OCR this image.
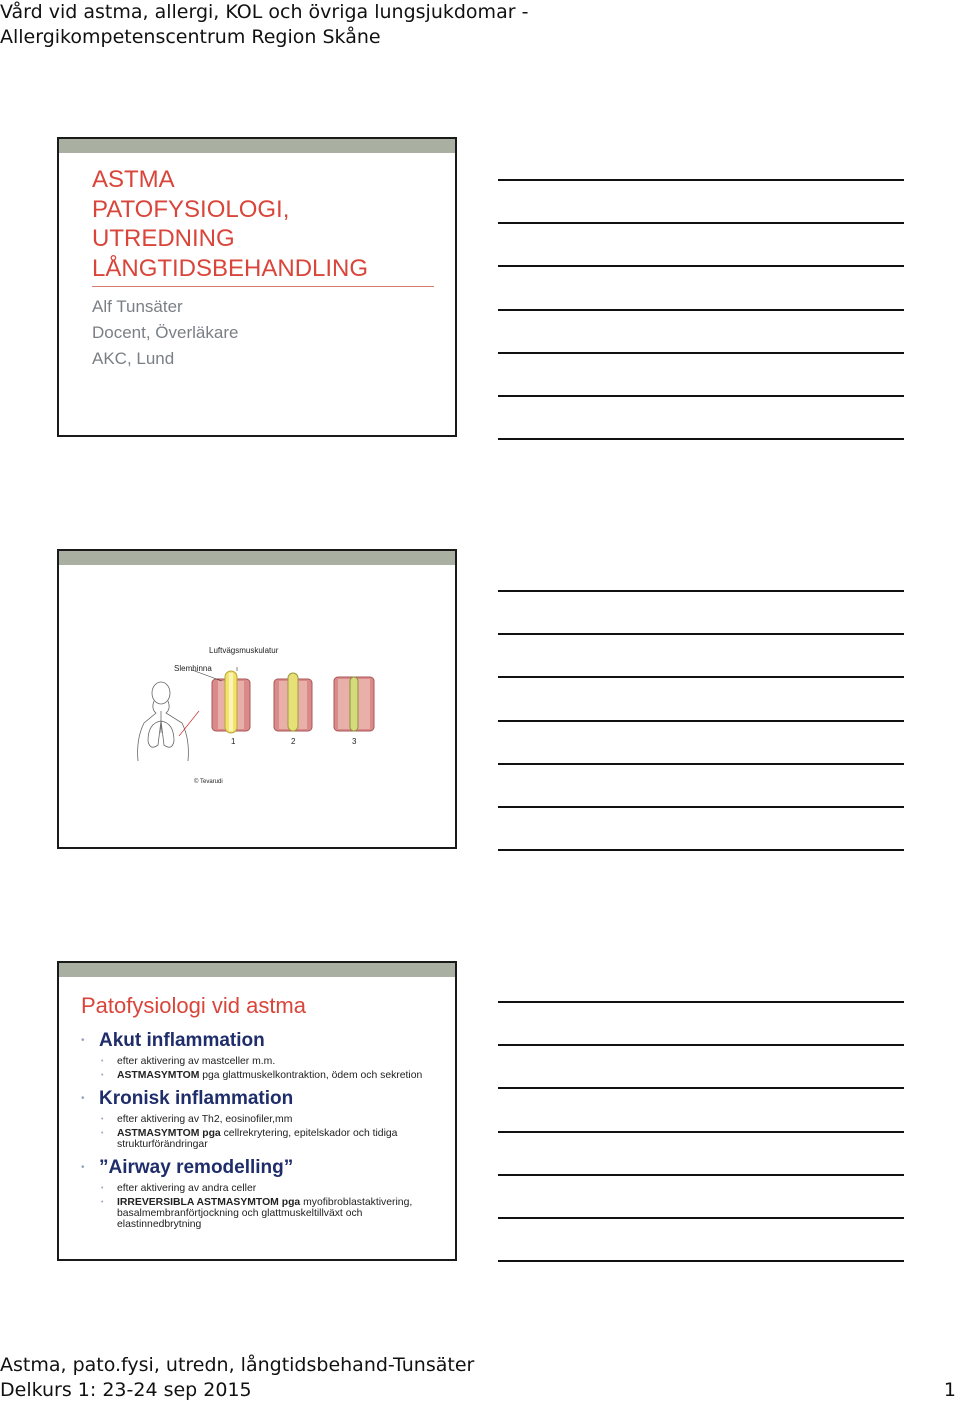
Vård vid astma, allergi, KOL och övriga lungsjukdomar -
Allergikompetenscentrum Region Skåne
ASTMA
PATOFYSIOLOGI,
UTREDNING
LÅNGTIDSBEHANDLING
Alf Tunsäter
Docent, Överläkare
AKC, Lund
Luftvägsmuskulatur
Slemhinna
1	2	3
© Tevarudi
Patofysiologi vid astma
• Akut inflammation
• efter aktivering av mastceller m.m.
• ASTMASYMTOM pga glattmuskelkontraktion, ödem och sekretion
• Kronisk inflammation
• efter aktivering av Th2, eosinofiler,mm
• ASTMASYMTOM pga cellrekrytering, epitelskador och tidiga strukturförändringar
• ”Airway remodelling”
• efter aktivering av andra celler
• IRREVERSIBLA ASTMASYMTOM pga myofibroblastaktivering, basalmembranförtjockning och glattmuskeltillväxt och elastinnedbrytning
Astma, pato.fysi, utredn, långtidsbehand-Tunsäter
Delkurs 1: 23-24 sep 2015	1
